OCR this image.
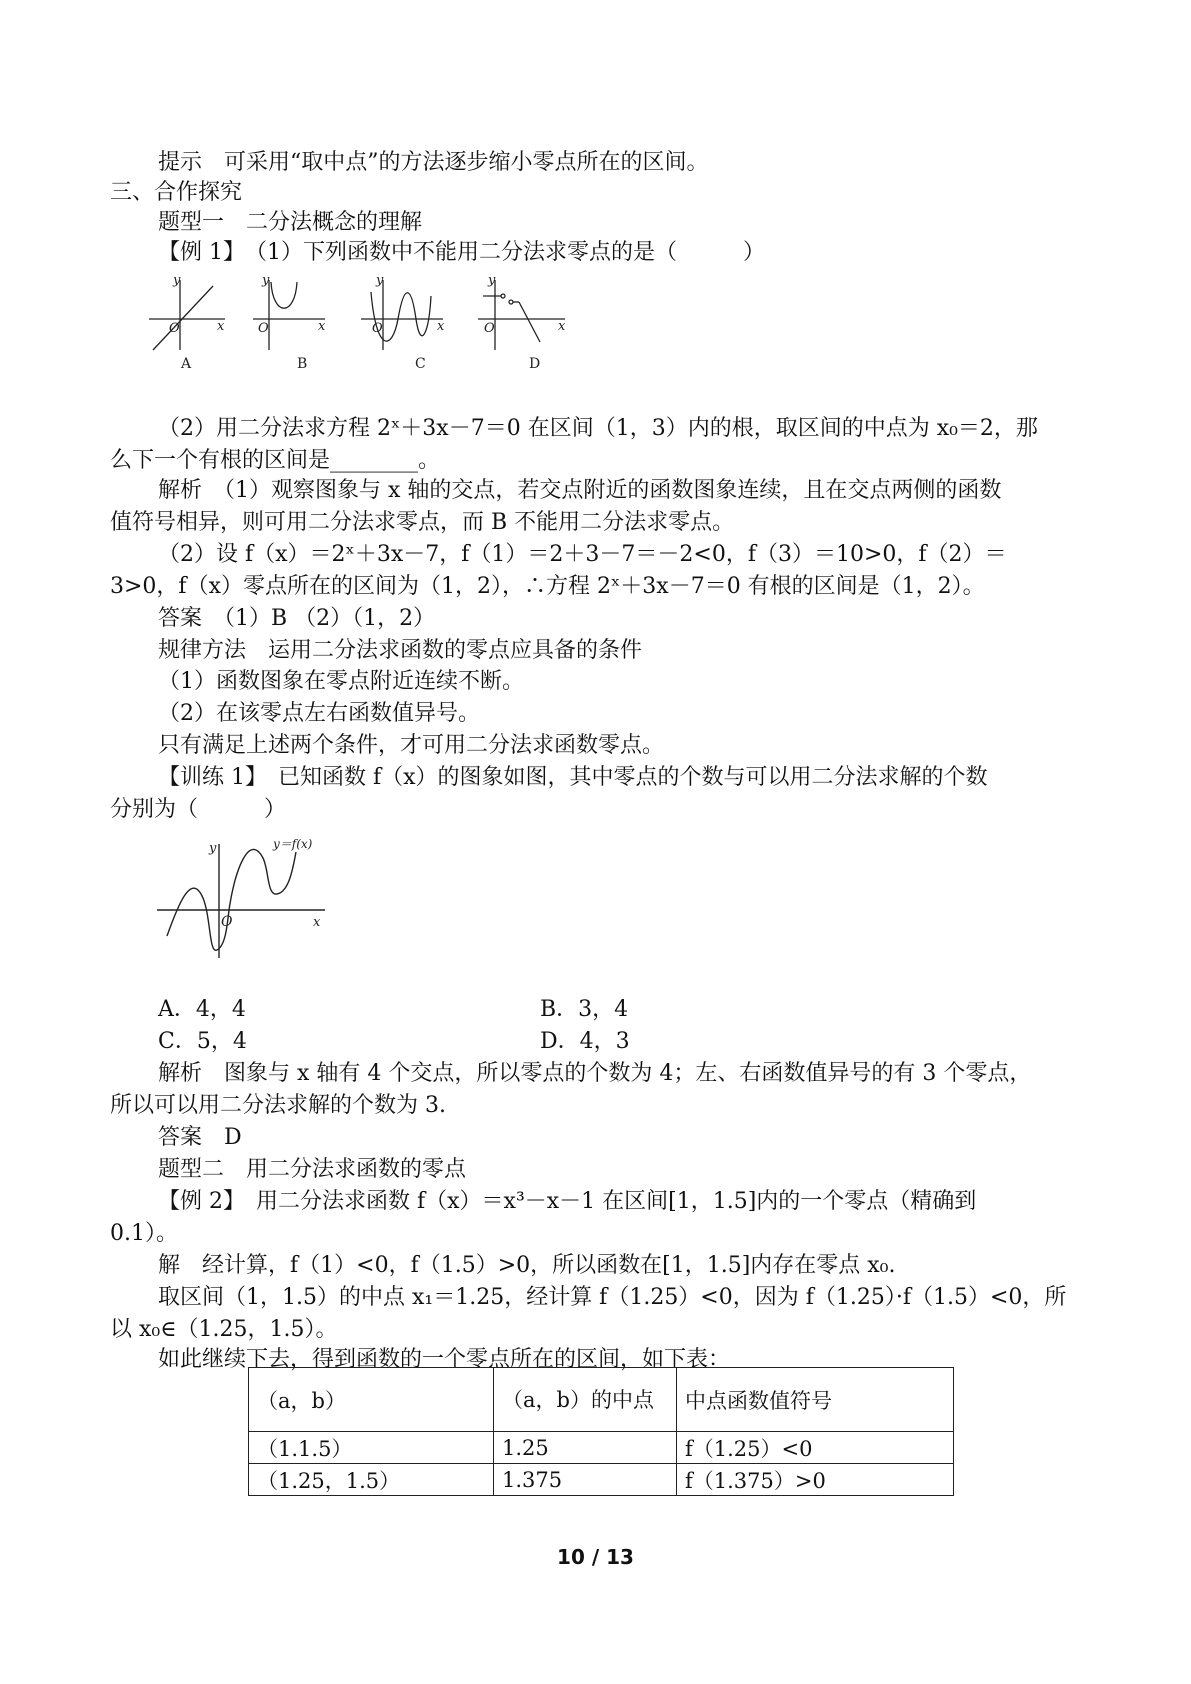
提示　可采用“取中点”的方法逐步缩小零点所在的区间。
三、合作探究
题型一　二分法概念的理解
【例 1】　（1）下列函数中不能用二分法求零点的是（　　　）
y
O	x
y
O	x
y
O	x
y
O	x
A	B	C	D
（2）用二分法求方程 2ˣ＋3x－7＝0 在区间（1，3）内的根，取区间的中点为 x₀＝2，那
么下一个有根的区间是________。
解析　（1）观察图象与 x 轴的交点，若交点附近的函数图象连续，且在交点两侧的函数
值符号相异，则可用二分法求零点，而 B 不能用二分法求零点。
（2）设 f（x）＝2ˣ＋3x－7，f（1）＝2＋3－7＝－2<0，f（3）＝10>0，f（2）＝
3>0，f（x）零点所在的区间为（1，2），∴方程 2ˣ＋3x－7＝0 有根的区间是（1，2）。
答案　（1）B （2）（1，2）
规律方法　运用二分法求函数的零点应具备的条件
（1）函数图象在零点附近连续不断。
（2）在该零点左右函数值异号。
只有满足上述两个条件，才可用二分法求函数零点。
【训练 1】　已知函数 f（x）的图象如图，其中零点的个数与可以用二分法求解的个数
分别为（　　　）
y
O	x
y＝f(x)
A．4，4	B．3，4
C．5，4	D．4，3
解析　图象与 x 轴有 4 个交点，所以零点的个数为 4；左、右函数值异号的有 3 个零点，
所以可以用二分法求解的个数为 3.
答案　D
题型二　用二分法求函数的零点
【例 2】　用二分法求函数 f（x）＝x³－x－1 在区间[1，1.5]内的一个零点（精确到
0.1）。
解　经计算，f（1）<0，f（1.5）>0，所以函数在[1，1.5]内存在零点 x₀.
取区间（1，1.5）的中点 x₁＝1.25，经计算 f（1.25）<0，因为 f（1.25）·f（1.5）<0，所
以 x₀∈（1.25，1.5）。
如此继续下去，得到函数的一个零点所在的区间，如下表：
（a，b）	（a，b）的中点	中点函数值符号
（1.1.5）	1.25	f（1.25）<0
（1.25，1.5）	1.375	f（1.375）>0
10 / 13
